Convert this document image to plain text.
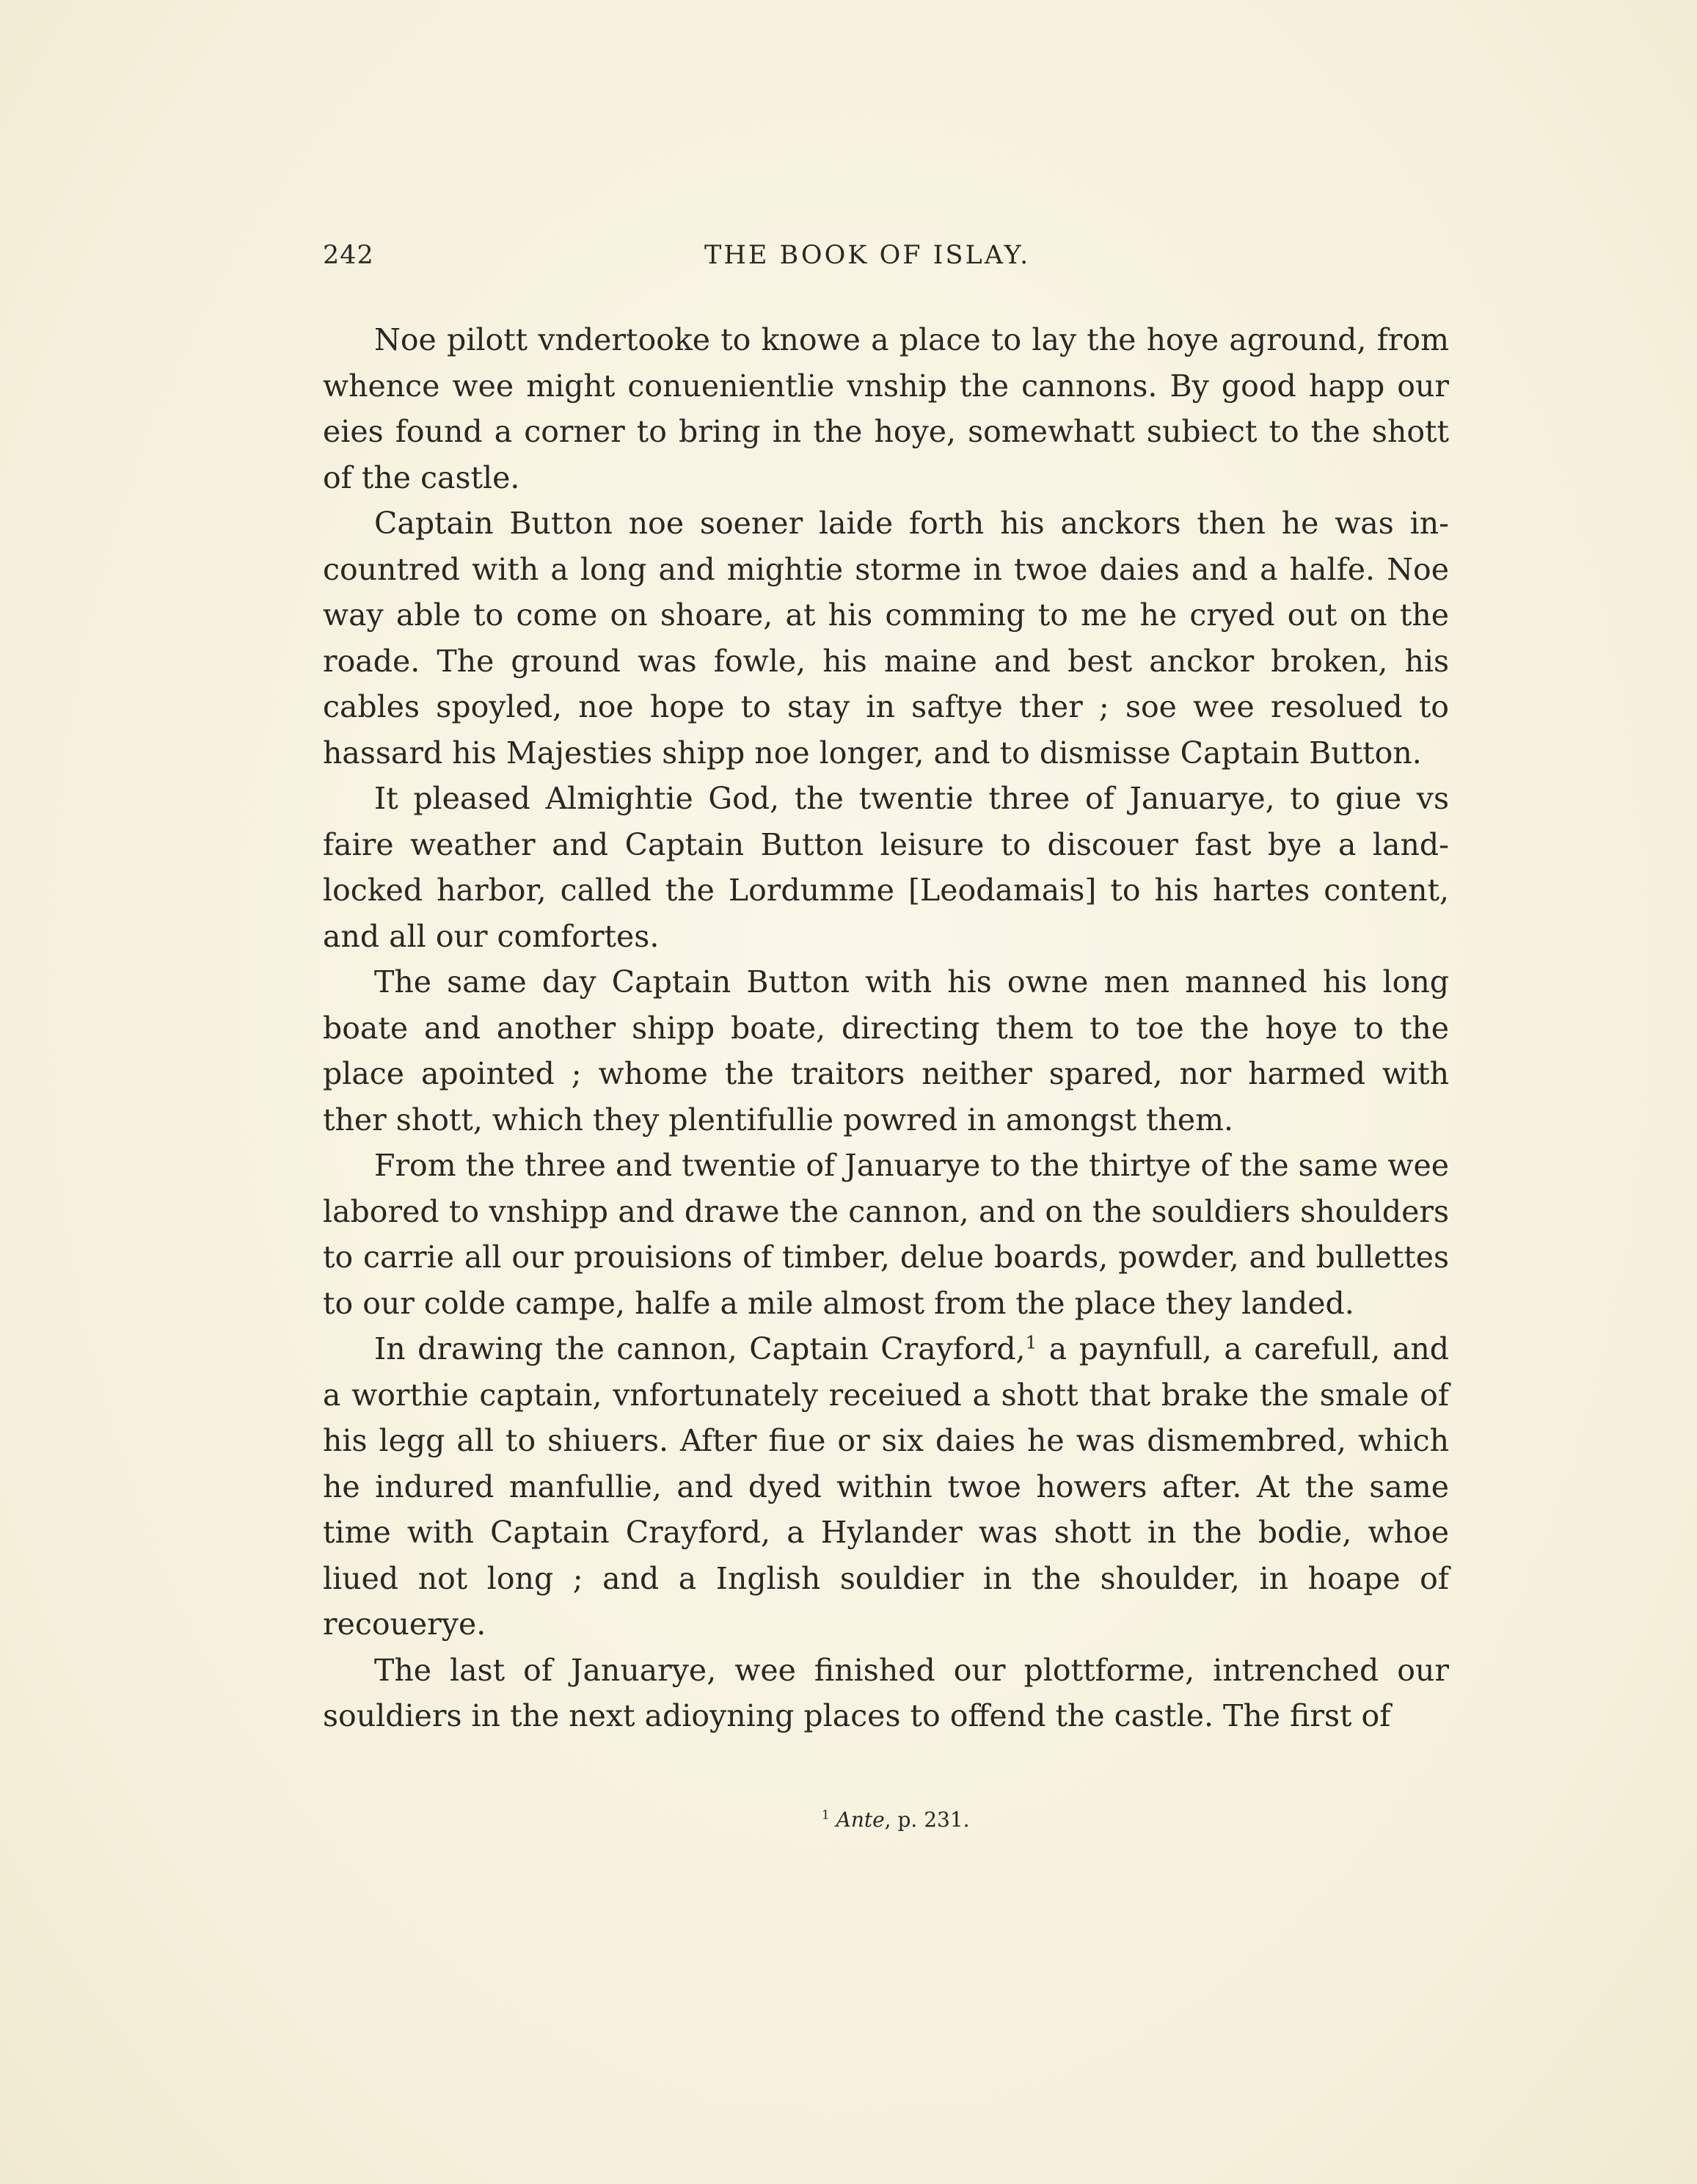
242	THE BOOK OF ISLAY.

Noe pilott vndertooke to knowe a place to lay the hoye aground, from whence wee might conuenientlie vnship the cannons. By good happ our eies found a corner to bring in the hoye, somewhatt subiect to the shott of the castle.

Captain Button noe soener laide forth his anckors then he was in-countred with a long and mightie storme in twoe daies and a halfe. Noe way able to come on shoare, at his comming to me he cryed out on the roade. The ground was fowle, his maine and best anckor broken, his cables spoyled, noe hope to stay in saftye ther ; soe wee resolued to hassard his Majesties shipp noe longer, and to dismisse Captain Button.

It pleased Almightie God, the twentie three of Januarye, to giue vs faire weather and Captain Button leisure to discouer fast bye a land-locked harbor, called the Lordumme [Leodamais] to his hartes content, and all our comfortes.

The same day Captain Button with his owne men manned his long boate and another shipp boate, directing them to toe the hoye to the place apointed ; whome the traitors neither spared, nor harmed with ther shott, which they plentifullie powred in amongst them.

From the three and twentie of Januarye to the thirtye of the same wee labored to vnshipp and drawe the cannon, and on the souldiers shoulders to carrie all our prouisions of timber, delue boards, powder, and bullettes to our colde campe, halfe a mile almost from the place they landed.

In drawing the cannon, Captain Crayford,$^1$ a paynfull, a carefull, and a worthie captain, vnfortunately receiued a shott that brake the smale of his legg all to shiuers. After fiue or six daies he was dismembred, which he indured manfullie, and dyed within twoe howers after. At the same time with Captain Crayford, a Hylander was shott in the bodie, whoe liued not long ; and a Inglish souldier in the shoulder, in hoape of recouerye.

The last of Januarye, wee finished our plottforme, intrenched our souldiers in the next adioyning places to offend the castle. The first of

$^1$ Ante, p. 231.
